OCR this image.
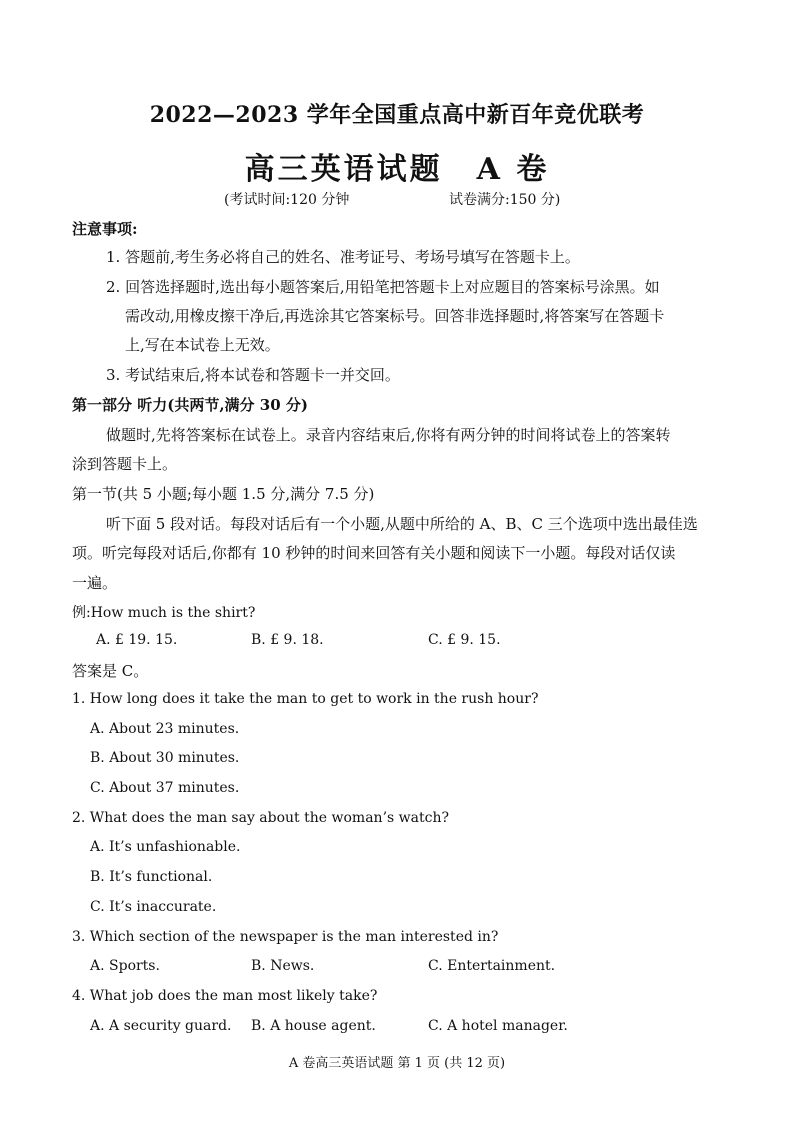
2022—2023 学年全国重点高中新百年竞优联考
高三英语试题 A 卷
(考试时间:120 分钟	试卷满分:150 分)
注意事项:
1. 答题前,考生务必将自己的姓名、准考证号、考场号填写在答题卡上。
2. 回答选择题时,选出每小题答案后,用铅笔把答题卡上对应题目的答案标号涂黑。如
需改动,用橡皮擦干净后,再选涂其它答案标号。回答非选择题时,将答案写在答题卡
上,写在本试卷上无效。
3. 考试结束后,将本试卷和答题卡一并交回。
第一部分 听力(共两节,满分 30 分)
做题时,先将答案标在试卷上。录音内容结束后,你将有两分钟的时间将试卷上的答案转
涂到答题卡上。
第一节(共 5 小题;每小题 1.5 分,满分 7.5 分)
听下面 5 段对话。每段对话后有一个小题,从题中所给的 A、B、C 三个选项中选出最佳选
项。听完每段对话后,你都有 10 秒钟的时间来回答有关小题和阅读下一小题。每段对话仅读
一遍。
例:How much is the shirt?
A. £ 19. 15.	B. £ 9. 18.	C. £ 9. 15.
答案是 C。
1. How long does it take the man to get to work in the rush hour?
A. About 23 minutes.
B. About 30 minutes.
C. About 37 minutes.
2. What does the man say about the woman’s watch?
A. It’s unfashionable.
B. It’s functional.
C. It’s inaccurate.
3. Which section of the newspaper is the man interested in?
A. Sports.	B. News.	C. Entertainment.
4. What job does the man most likely take?
A. A security guard. B. A house agent.	C. A hotel manager.
A 卷高三英语试题 第 1 页 (共 12 页)
